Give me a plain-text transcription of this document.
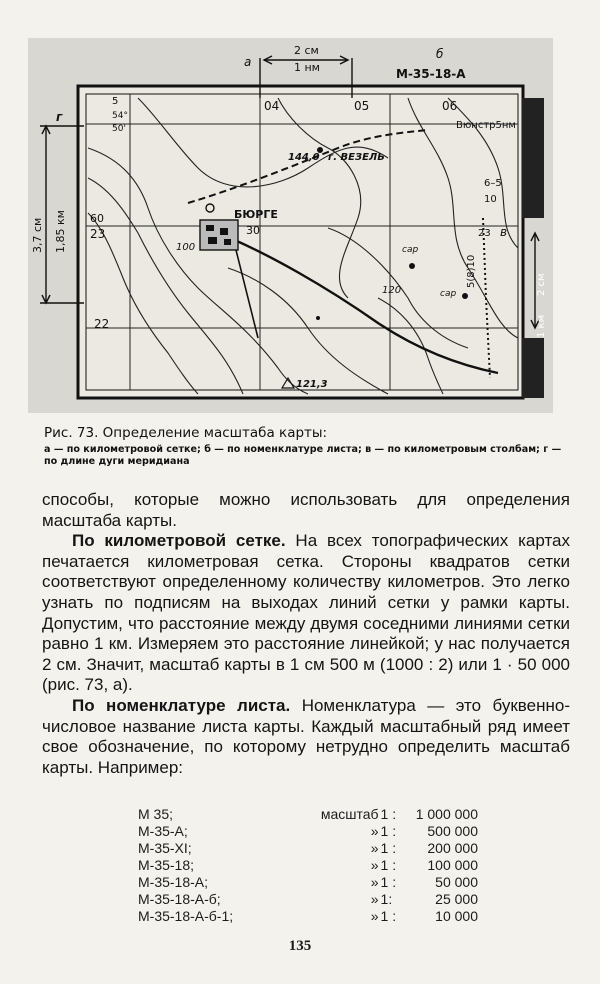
а
б
в
г
2 см
1 нм	М-35-18-А
5
54°
50'
04	05	06
60
23
22
30
6–5
10
23
144,0 г. ВЕЗЕЛЬ
БЮРГЕ
Вюнстр5нм
121,3
100
120
сар
сар
5(8)10
3,7 см 1,85 км
2 см
1 км
Рис. 73. Определение масштаба карты:
а — по километровой сетке; б — по номенклатуре листа; в — по километровым столбам; г — по длине дуги меридиана

способы, которые можно использовать для определения масштаба карты.

По километровой сетке. На всех топографических картах печатается километровая сетка. Стороны квадратов сетки соответствуют определенному количеству километров. Это легко узнать по подписям на выходах линий сетки у рамки карты. Допустим, что расстояние между двумя соседними линиями сетки равно 1 км. Измеряем это расстояние линейкой; у нас получается 2 см. Значит, масштаб карты в 1 см 500 м (1000 : 2) или 1 · 50 000 (рис. 73, а).

По номенклатуре листа. Номенклатура — это буквенно-числовое название листа карты. Каждый масштабный ряд имеет свое обозначение, по которому нетрудно определить масштаб карты. Например:

М 35;	масштаб	1 :	1 000 000
М-35-А;	»	1 :	500 000
М-35-XI;	»	1 :	200 000
М-35-18;	»	1 :	100 000
М-35-18-А;	»	1 :	50 000
М-35-18-А-б;	»	1:	25 000
М-35-18-А-б-1;	»	1 :	10 000
135
